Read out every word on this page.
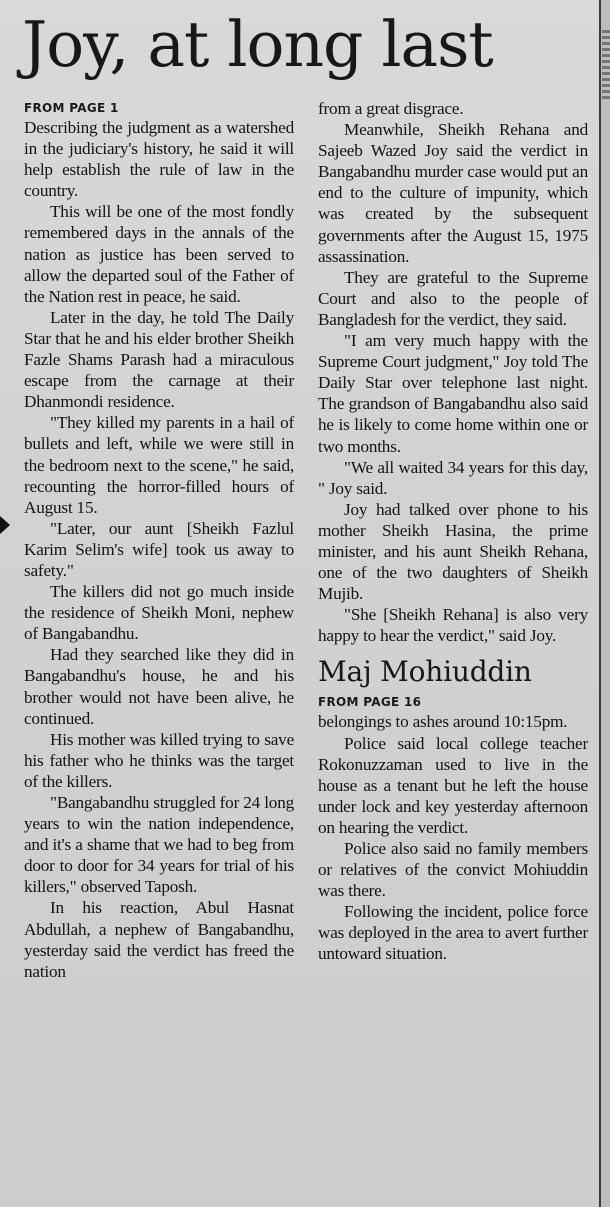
Joy, at long last
FROM PAGE 1

Describing the judgment as a watershed in the judiciary's history, he said it will help establish the rule of law in the country.

This will be one of the most fondly remembered days in the annals of the nation as justice has been served to allow the departed soul of the Father of the Nation rest in peace, he said.

Later in the day, he told The Daily Star that he and his elder brother Sheikh Fazle Shams Parash had a miraculous escape from the carnage at their Dhanmondi residence.

"They killed my parents in a hail of bullets and left, while we were still in the bedroom next to the scene," he said, recounting the horror-filled hours of August 15.

"Later, our aunt [Sheikh Fazlul Karim Selim's wife] took us away to safety."

The killers did not go much inside the residence of Sheikh Moni, nephew of Bangabandhu.

Had they searched like they did in Bangabandhu's house, he and his brother would not have been alive, he continued.

His mother was killed trying to save his father who he thinks was the target of the killers.

"Bangabandhu struggled for 24 long years to win the nation independence, and it's a shame that we had to beg from door to door for 34 years for trial of his killers," observed Taposh.

In his reaction, Abul Hasnat Abdullah, a nephew of Bangabandhu, yesterday said the verdict has freed the nation

from a great disgrace.

Meanwhile, Sheikh Rehana and Sajeeb Wazed Joy said the verdict in Bangabandhu murder case would put an end to the culture of impunity, which was created by the subsequent governments after the August 15, 1975 assassination.

They are grateful to the Supreme Court and also to the people of Bangladesh for the verdict, they said.

"I am very much happy with the Supreme Court judgment," Joy told The Daily Star over telephone last night. The grandson of Bangabandhu also said he is likely to come home within one or two months.

"We all waited 34 years for this day, " Joy said.

Joy had talked over phone to his mother Sheikh Hasina, the prime minister, and his aunt Sheikh Rehana, one of the two daughters of Sheikh Mujib.

"She [Sheikh Rehana] is also very happy to hear the verdict," said Joy.

Maj Mohiuddin
FROM PAGE 16

belongings to ashes around 10:15pm.

Police said local college teacher Rokonuzzaman used to live in the house as a tenant but he left the house under lock and key yesterday afternoon on hearing the verdict.

Police also said no family members or relatives of the convict Mohiuddin was there.

Following the incident, police force was deployed in the area to avert further untoward situation.
